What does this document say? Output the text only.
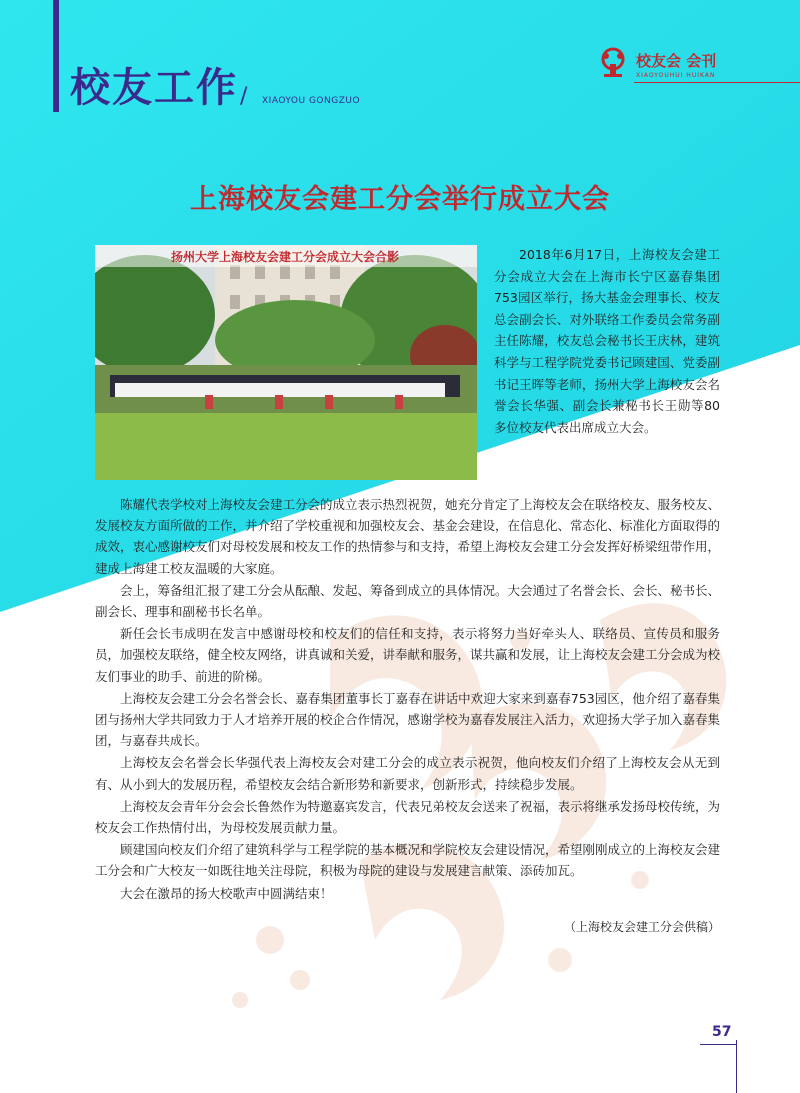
校友工作 / XIAOYOU GONGZUO
校友会 会刊
XIAOYOUHUI HUIKAN
上海校友会建工分会举行成立大会
扬州大学上海校友会建工分会成立大会合影	2018年6月17日，上海校友会建工分会成立大会在上海市长宁区嘉春集团753园区举行，扬大基金会理事长、校友总会副会长、对外联络工作委员会常务副主任陈耀，校友总会秘书长王庆林，建筑科学与工程学院党委书记顾建国、党委副书记王晖等老师，扬州大学上海校友会名誉会长华强、副会长兼秘书长王勋等80多位校友代表出席成立大会。

陈耀代表学校对上海校友会建工分会的成立表示热烈祝贺，她充分肯定了上海校友会在联络校友、服务校友、发展校友方面所做的工作，并介绍了学校重视和加强校友会、基金会建设，在信息化、常态化、标准化方面取得的成效，衷心感谢校友们对母校发展和校友工作的热情参与和支持，希望上海校友会建工分会发挥好桥梁纽带作用，建成上海建工校友温暖的大家庭。

会上，筹备组汇报了建工分会从酝酿、发起、筹备到成立的具体情况。大会通过了名誉会长、会长、秘书长、副会长、理事和副秘书长名单。

新任会长韦成明在发言中感谢母校和校友们的信任和支持，表示将努力当好牵头人、联络员、宣传员和服务员，加强校友联络，健全校友网络，讲真诚和关爱，讲奉献和服务，谋共赢和发展，让上海校友会建工分会成为校友们事业的助手、前进的阶梯。

上海校友会建工分会名誉会长、嘉春集团董事长丁嘉春在讲话中欢迎大家来到嘉春753园区，他介绍了嘉春集团与扬州大学共同致力于人才培养开展的校企合作情况，感谢学校为嘉春发展注入活力，欢迎扬大学子加入嘉春集团，与嘉春共成长。

上海校友会名誉会长华强代表上海校友会对建工分会的成立表示祝贺，他向校友们介绍了上海校友会从无到有、从小到大的发展历程，希望校友会结合新形势和新要求，创新形式，持续稳步发展。

上海校友会青年分会会长鲁然作为特邀嘉宾发言，代表兄弟校友会送来了祝福，表示将继承发扬母校传统，为校友会工作热情付出，为母校发展贡献力量。

顾建国向校友们介绍了建筑科学与工程学院的基本概况和学院校友会建设情况，希望刚刚成立的上海校友会建工分会和广大校友一如既往地关注母院，积极为母院的建设与发展建言献策、添砖加瓦。

大会在激昂的扬大校歌声中圆满结束！

（上海校友会建工分会供稿）
57
